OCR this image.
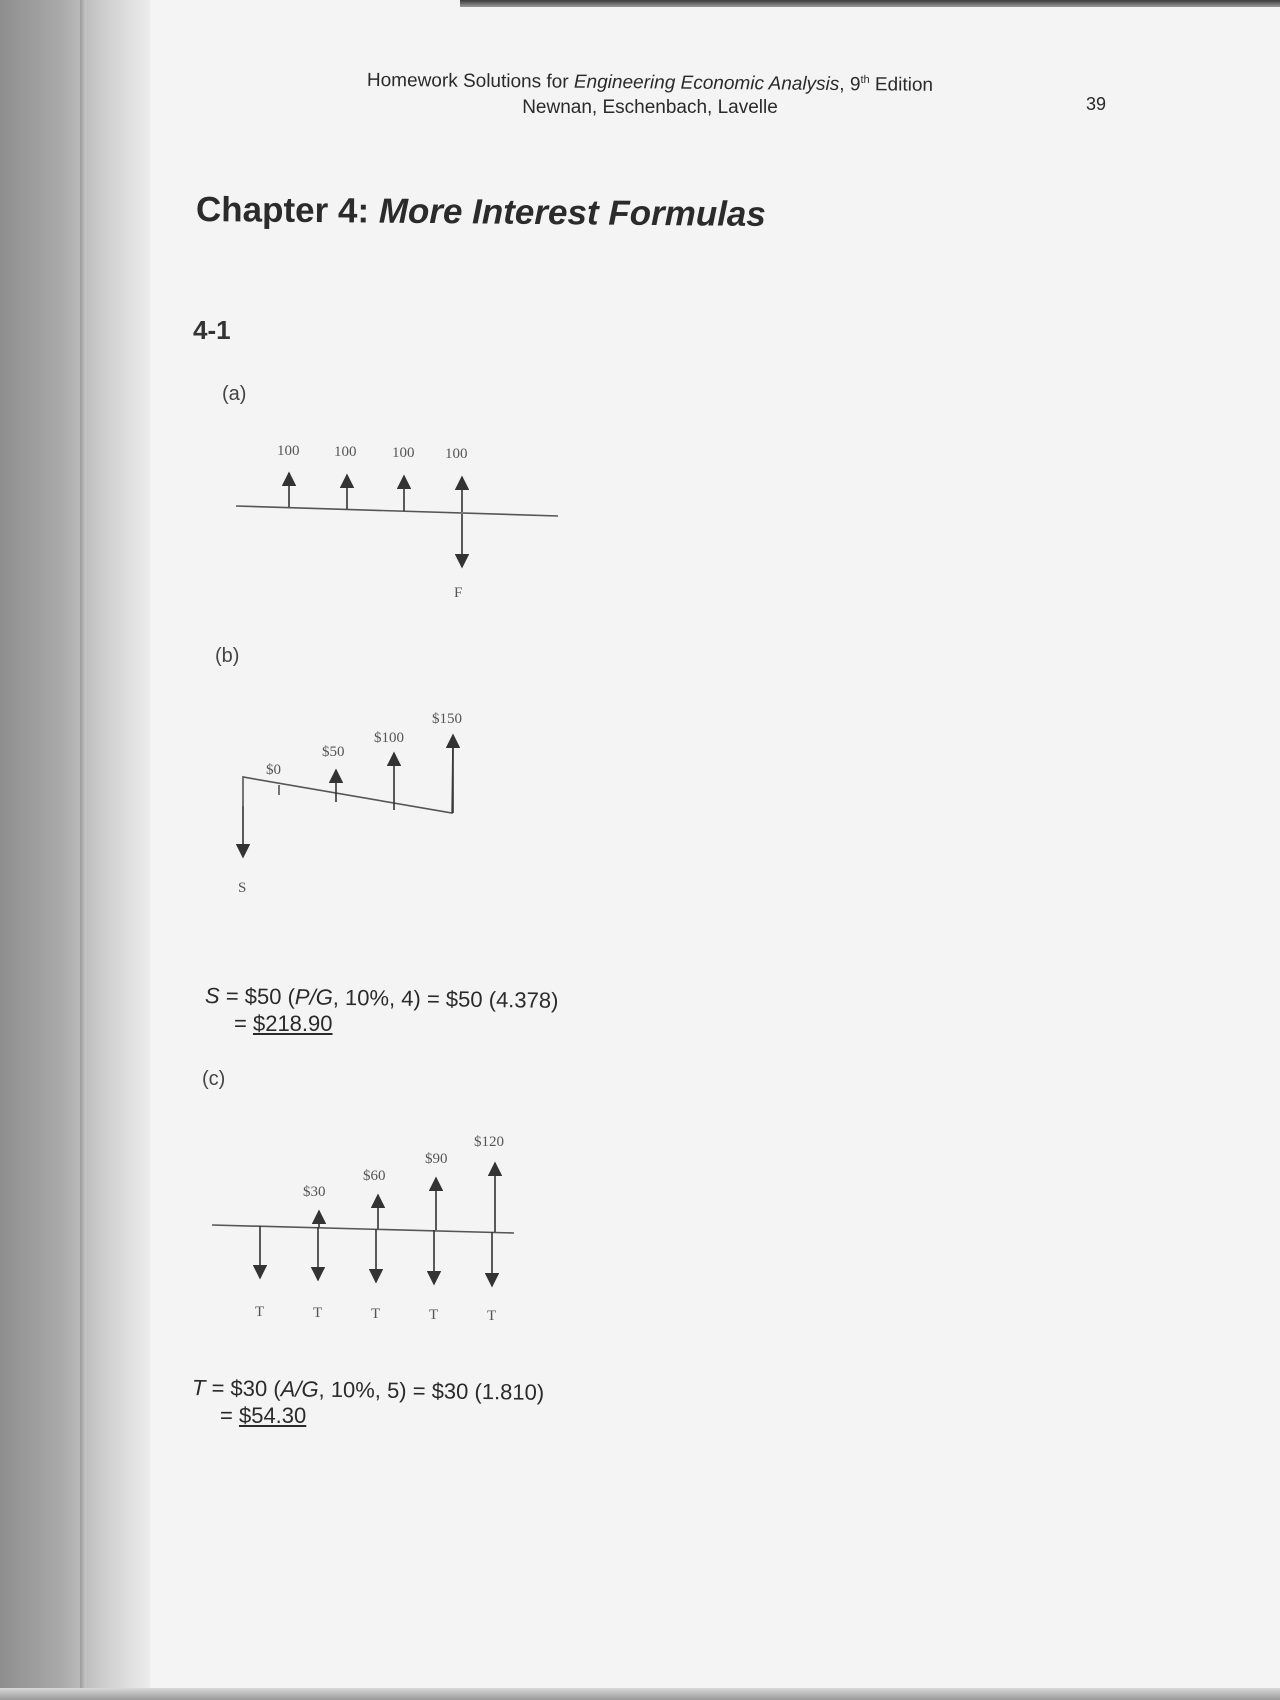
Homework Solutions for Engineering Economic Analysis, 9th Edition
Newnan, Eschenbach, Lavelle	39
Chapter 4: More Interest Formulas
4-1
(a)
(b)
(c)
100 100 100 100
F
$0
$50
$100
$150
S
$30
$60
$90
$120
T	T	T	T	T
S = $50 (P/G, 10%, 4) = $50 (4.378)
= $218.90
T = $30 (A/G, 10%, 5) = $30 (1.810)
= $54.30
